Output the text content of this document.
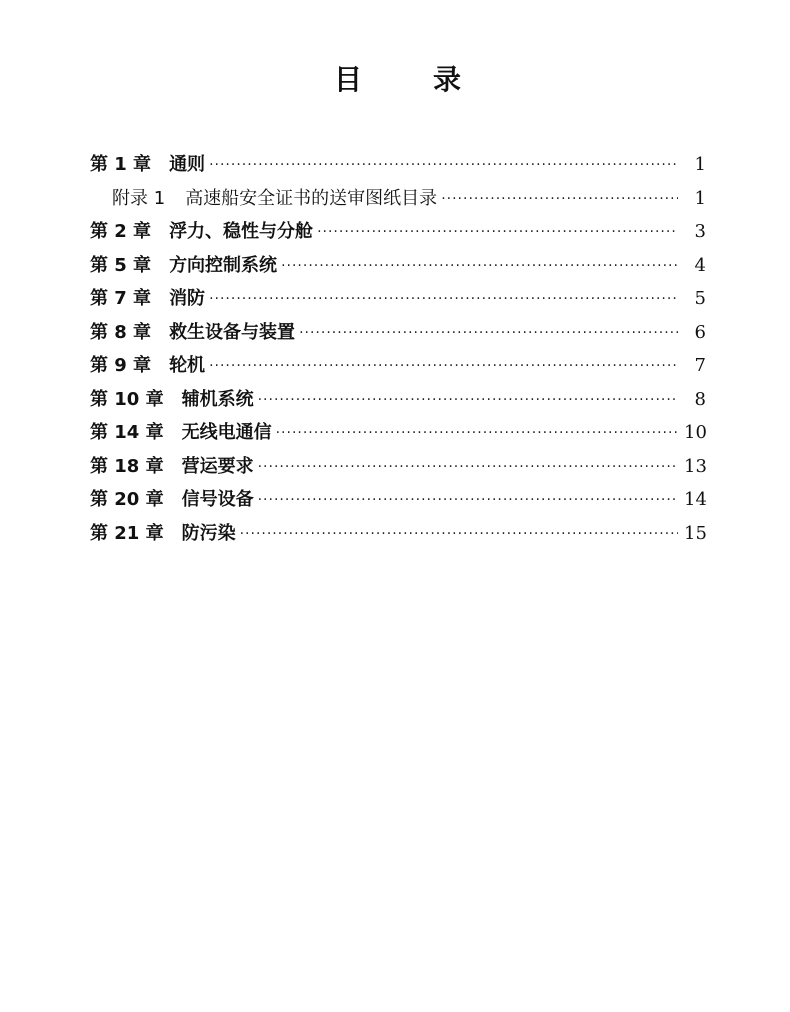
目	录
第 1 章 通则 ·····	1
附录 1 高速船安全证书的送审图纸目录 ·····	1
第 2 章 浮力、稳性与分舱 ·····	3
第 5 章 方向控制系统 ·····	4
第 7 章 消防 ·····	5
第 8 章 救生设备与装置 ·····	6
第 9 章 轮机 ·····	7
第 10 章 辅机系统 ·····	8
第 14 章 无线电通信 ·····	10
第 18 章 营运要求 ·····	13
第 20 章 信号设备 ·····	14
第 21 章 防污染 ·····	15
